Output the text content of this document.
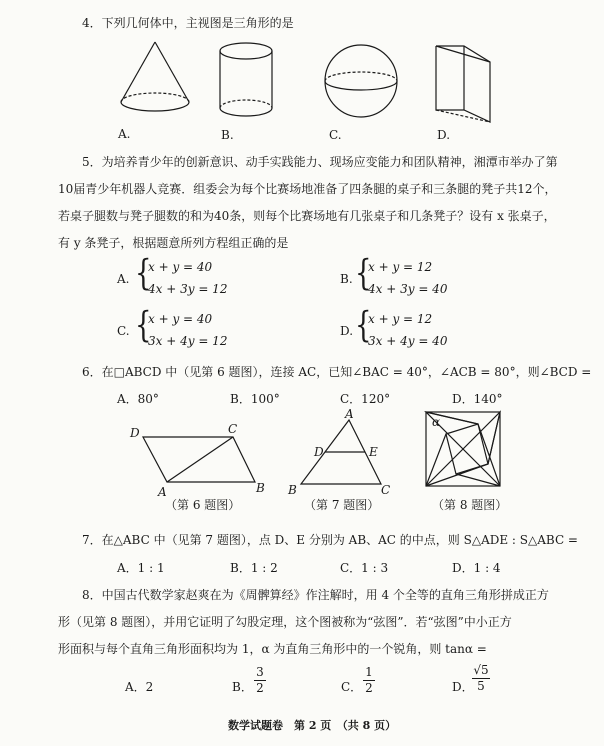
4．下列几何体中，主视图是三角形的是
A.	B.	C.	D.
5．为培养青少年的创新意识、动手实践能力、现场应变能力和团队精神，湘潭市举办了第
10届青少年机器人竞赛．组委会为每个比赛场地准备了四条腿的桌子和三条腿的凳子共12个，
若桌子腿数与凳子腿数的和为40条，则每个比赛场地有几张桌子和几条凳子？设有 x 张桌子，
有 y 条凳子，根据题意所列方程组正确的是
A. {
x + y = 40
4x + 3y = 12
B. {
x + y = 12
4x + 3y = 40
C. {
x + y = 40
3x + 4y = 12
D. {
x + y = 12
3x + 4y = 40
6．在□ABCD 中（见第 6 题图），连接 AC，已知∠BAC = 40°，∠ACB = 80°，则∠BCD =
A．80°	B．100°	C．120°	D．140°
D	C
A	B
（第 6 题图）
A
D	E
B	C
（第 7 题图）
α
（第 8 题图）
7．在△ABC 中（见第 7 题图），点 D、E 分别为 AB、AC 的中点，则 S△ADE : S△ABC =
A．1 : 1	B．1 : 2	C．1 : 3	D．1 : 4
8．中国古代数学家赵爽在为《周髀算经》作注解时，用 4 个全等的直角三角形拼成正方
形（见第 8 题图），并用它证明了勾股定理，这个图被称为“弦图”．若“弦图”中小正方
形面积与每个直角三角形面积均为 1，α 为直角三角形中的一个锐角，则 tanα =
A．2	B．
3
2	C．
1
2	D．
√5
5
数学试题卷　第 2 页　（共 8 页）
